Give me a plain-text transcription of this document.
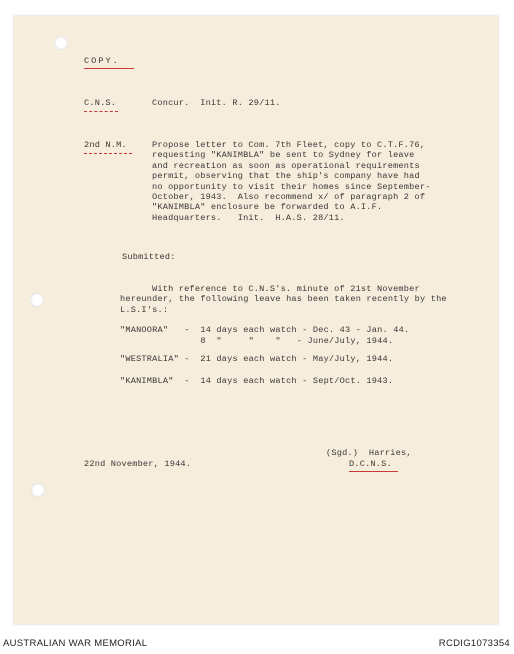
COPY.
C.N.S.	Concur.  Init. R. 29/11.
2nd N.M.	Propose letter to Com. 7th Fleet, copy to C.T.F.76,
requesting "KANIMBLA" be sent to Sydney for leave
and recreation as soon as operational requirements
permit, observing that the ship's company have had
no opportunity to visit their homes since September-
October, 1943.  Also recommend x/ of paragraph 2 of
"KANIMBLA" enclosure be forwarded to A.I.F.
Headquarters.   Init.  H.A.S. 28/11.
Submitted:
With reference to C.N.S's. minute of 21st November
hereunder, the following leave has been taken recently by the
L.S.I's.:
"MANOORA"   -  14 days each watch - Dec. 43 - Jan. 44.
8  "     "    "   - June/July, 1944.
"WESTRALIA" -  21 days each watch - May/July, 1944.
"KANIMBLA"  -  14 days each watch - Sept/Oct. 1943.
22nd November, 1944.
(Sgd.)  Harries,
D.C.N.S.
AUSTRALIAN WAR MEMORIAL	RCDIG1073354
